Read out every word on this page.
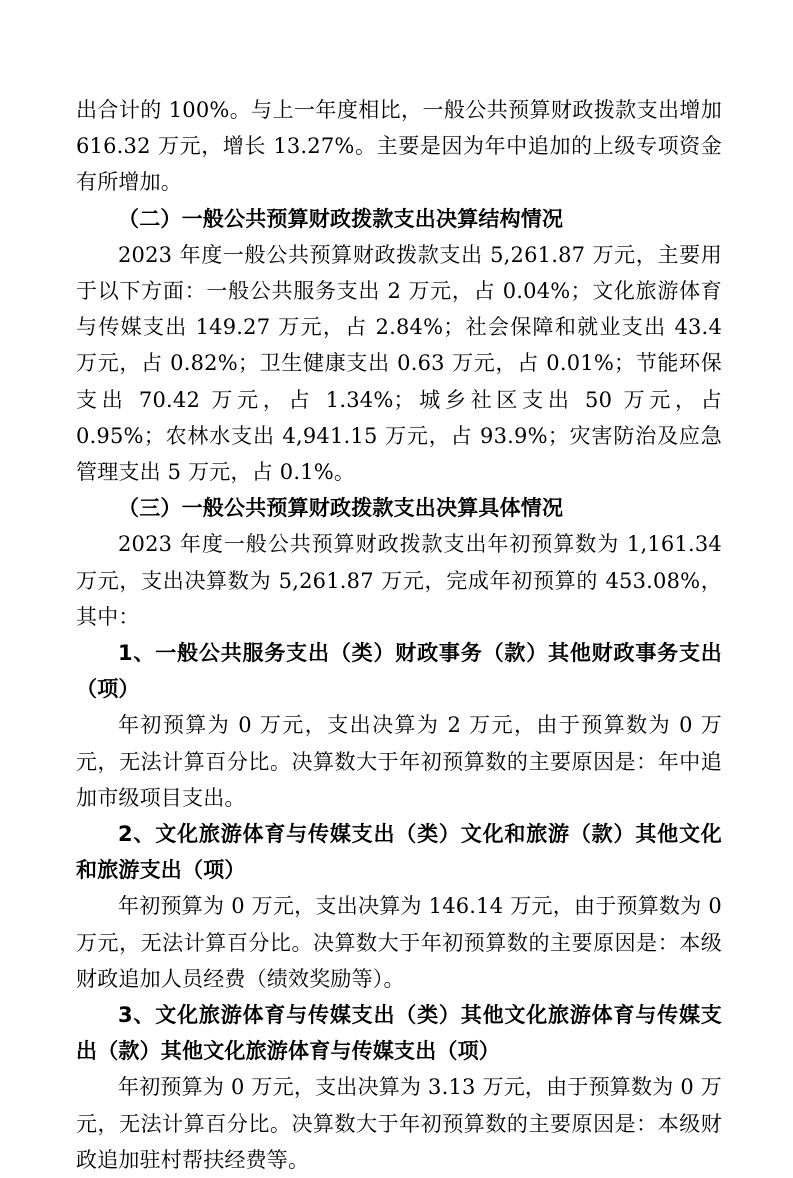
出合计的 100%。与上一年度相比，一般公共预算财政拨款支出增加 616.32 万元，增长 13.27%。主要是因为年中追加的上级专项资金有所增加。

（二）一般公共预算财政拨款支出决算结构情况

2023 年度一般公共预算财政拨款支出 5,261.87 万元，主要用于以下方面：一般公共服务支出 2 万元，占 0.04%；文化旅游体育与传媒支出 149.27 万元，占 2.84%；社会保障和就业支出 43.4 万元，占 0.82%；卫生健康支出 0.63 万元，占 0.01%；节能环保支出 70.42 万元，占 1.34%；城乡社区支出 50 万元，占 0.95%；农林水支出 4,941.15 万元，占 93.9%；灾害防治及应急管理支出 5 万元，占 0.1%。

（三）一般公共预算财政拨款支出决算具体情况

2023 年度一般公共预算财政拨款支出年初预算数为 1,161.34 万元，支出决算数为 5,261.87 万元，完成年初预算的 453.08%，其中：

1、一般公共服务支出（类）财政事务（款）其他财政事务支出（项）

年初预算为 0 万元，支出决算为 2 万元，由于预算数为 0 万元，无法计算百分比。决算数大于年初预算数的主要原因是：年中追加市级项目支出。

2、文化旅游体育与传媒支出（类）文化和旅游（款）其他文化和旅游支出（项）

年初预算为 0 万元，支出决算为 146.14 万元，由于预算数为 0 万元，无法计算百分比。决算数大于年初预算数的主要原因是：本级财政追加人员经费（绩效奖励等）。

3、文化旅游体育与传媒支出（类）其他文化旅游体育与传媒支出（款）其他文化旅游体育与传媒支出（项）

年初预算为 0 万元，支出决算为 3.13 万元，由于预算数为 0 万元，无法计算百分比。决算数大于年初预算数的主要原因是：本级财政追加驻村帮扶经费等。
